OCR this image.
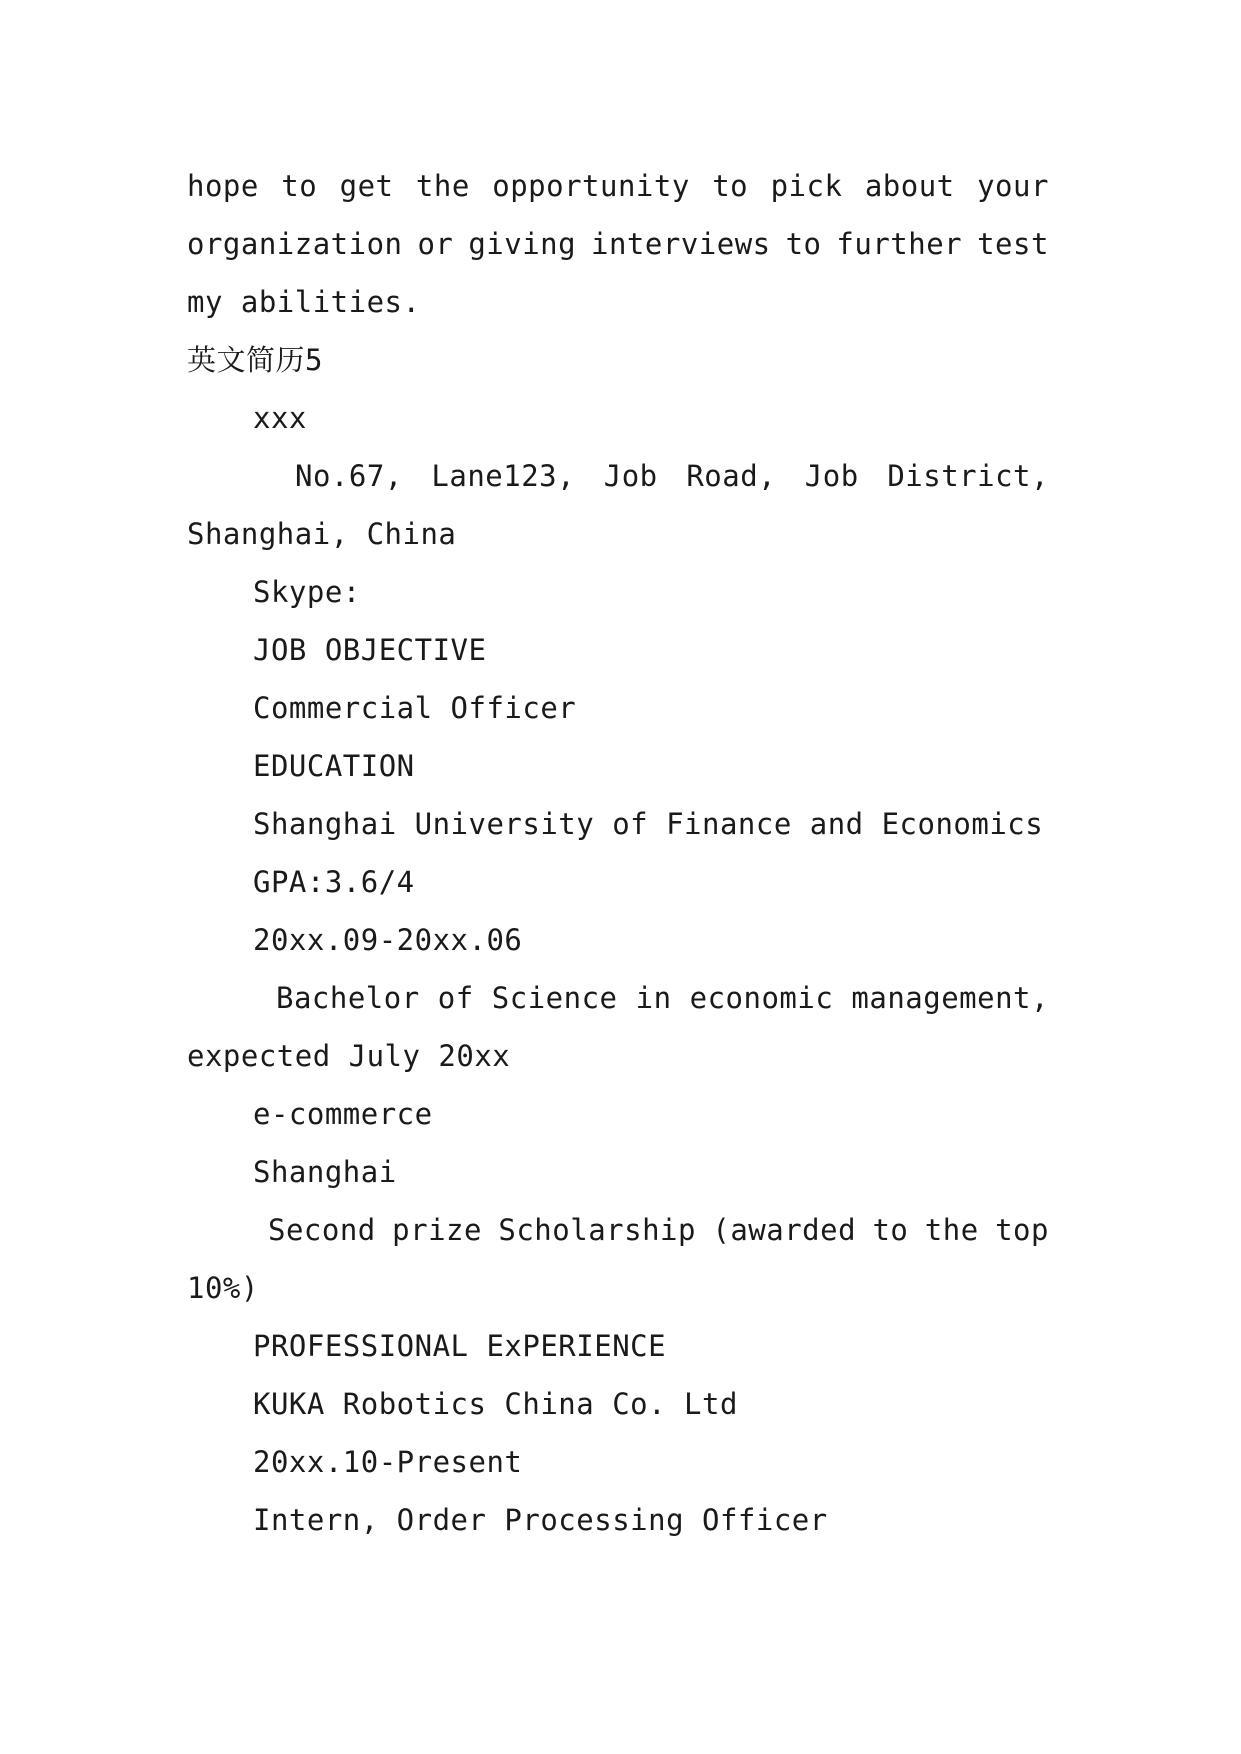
hope to get the opportunity to pick about your
organization or giving interviews to further test
my abilities.
英文简历5
xxx
No.67, Lane123, Job Road, Job District,
Shanghai, China
Skype:
JOB OBJECTIVE
Commercial Officer
EDUCATION
Shanghai University of Finance and Economics
GPA:3.6/4
20xx.09-20xx.06
Bachelor of Science in economic management,
expected July 20xx
e-commerce
Shanghai
Second prize Scholarship (awarded to the top
10%)
PROFESSIONAL ExPERIENCE
KUKA Robotics China Co. Ltd
20xx.10-Present
Intern, Order Processing Officer
